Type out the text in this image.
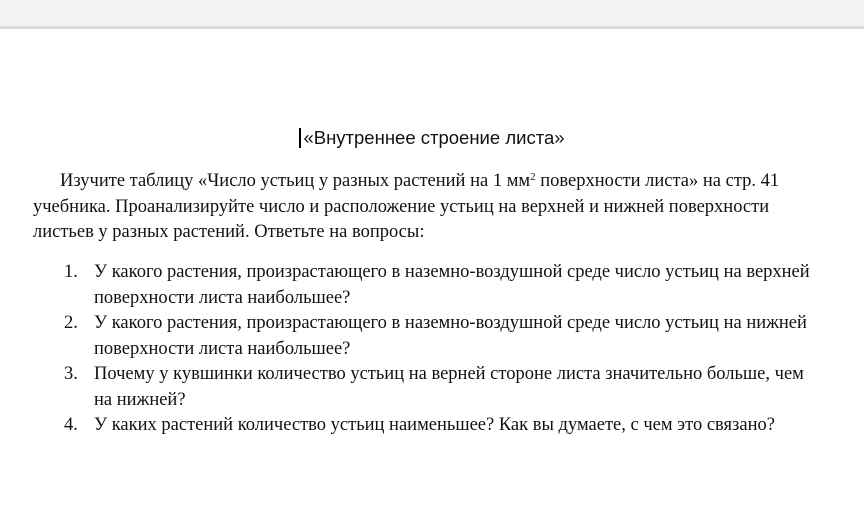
«Внутреннее строение листа»

Изучите таблицу «Число устьиц у разных растений на 1 $мм^2$ поверхности листа» на стр. 41 учебника. Проанализируйте число и расположение устьиц на верхней и нижней поверхности листьев у разных растений. Ответьте на вопросы:

1. У какого растения, произрастающего в наземно-воздушной среде число устьиц на верхней поверхности листа наибольшее?
2. У какого растения, произрастающего в наземно-воздушной среде число устьиц на нижней поверхности листа наибольшее?
3. Почему у кувшинки количество устьиц на верней стороне листа значительно больше, чем на нижней?
4. У каких растений количество устьиц наименьшее? Как вы думаете, с чем это связано?
